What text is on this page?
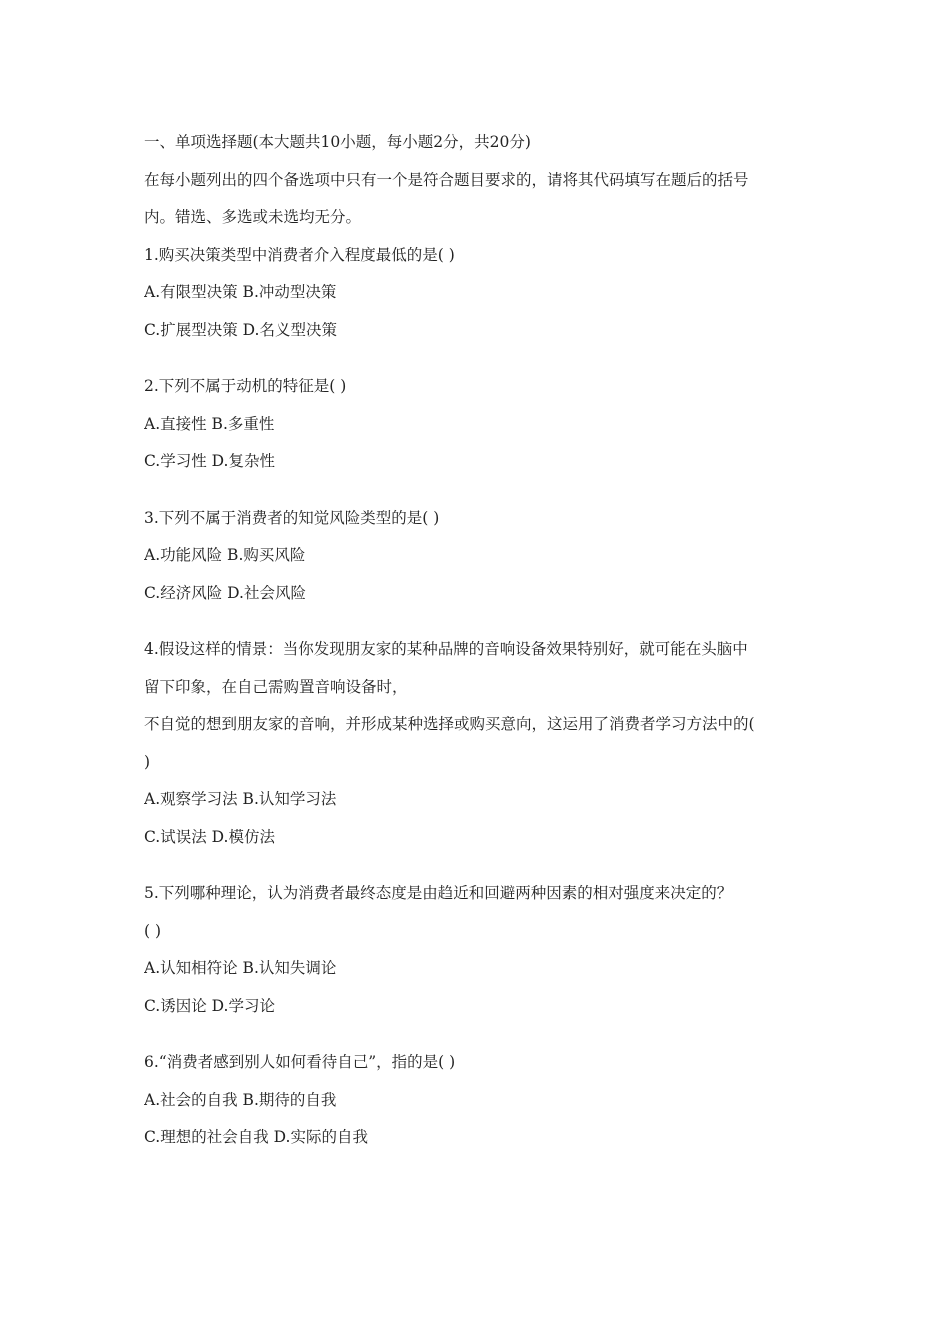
一、单项选择题(本大题共10小题，每小题2分，共20分)
在每小题列出的四个备选项中只有一个是符合题目要求的，请将其代码填写在题后的括号
内。错选、多选或未选均无分。
1.购买决策类型中消费者介入程度最低的是( )
A.有限型决策 B.冲动型决策
C.扩展型决策 D.名义型决策
2.下列不属于动机的特征是( )
A.直接性 B.多重性
C.学习性 D.复杂性
3.下列不属于消费者的知觉风险类型的是( )
A.功能风险 B.购买风险
C.经济风险 D.社会风险
4.假设这样的情景：当你发现朋友家的某种品牌的音响设备效果特别好，就可能在头脑中
留下印象，在自己需购置音响设备时，
不自觉的想到朋友家的音响，并形成某种选择或购买意向，这运用了消费者学习方法中的(
)
A.观察学习法 B.认知学习法
C.试误法 D.模仿法
5.下列哪种理论，认为消费者最终态度是由趋近和回避两种因素的相对强度来决定的？
( )
A.认知相符论 B.认知失调论
C.诱因论 D.学习论
6.“消费者感到别人如何看待自己”，指的是( )
A.社会的自我 B.期待的自我
C.理想的社会自我 D.实际的自我
